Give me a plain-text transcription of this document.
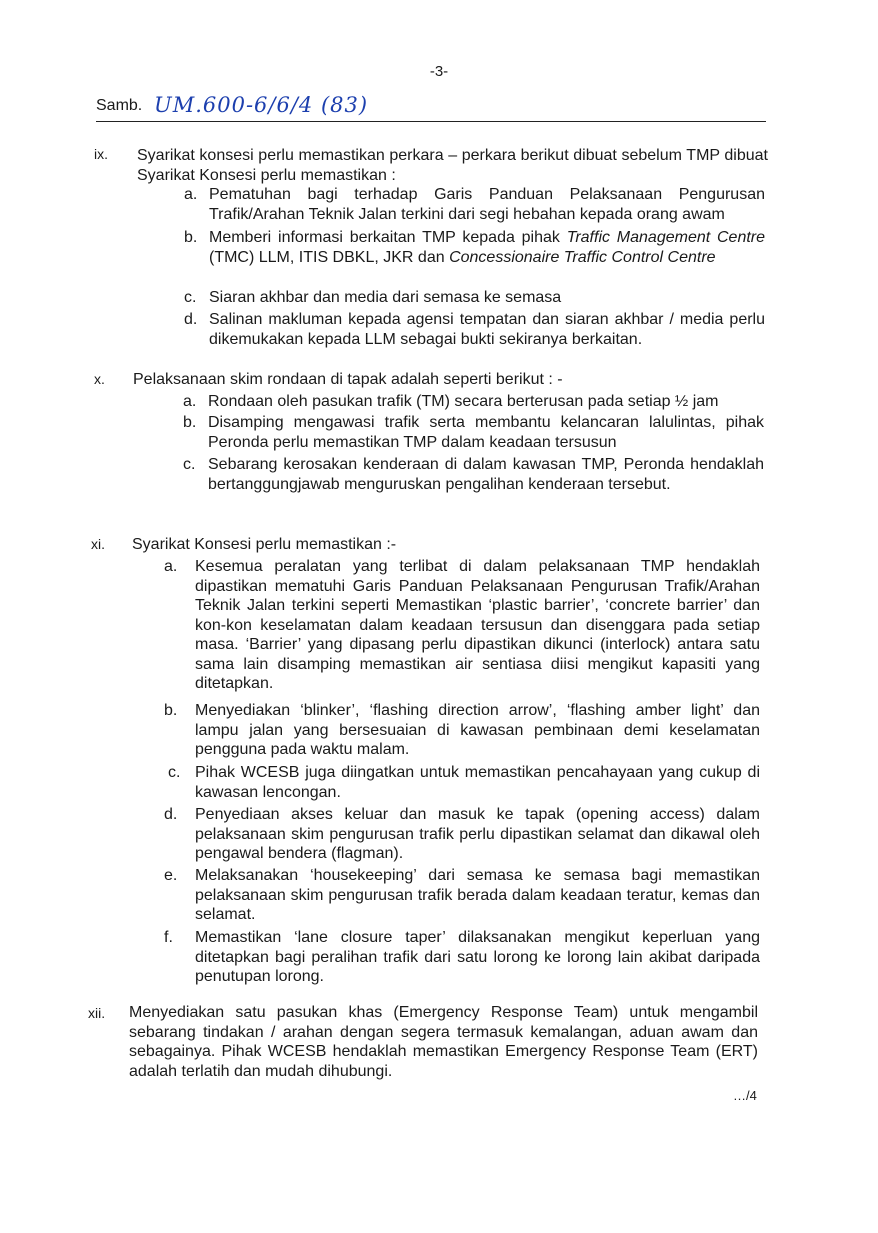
-3-
Samb. UM.600-6/6/4 (83)
ix. Syarikat konsesi perlu memastikan perkara – perkara berikut dibuat sebelum TMP dibuat Syarikat Konsesi perlu memastikan :

a. Pematuhan bagi terhadap Garis Panduan Pelaksanaan Pengurusan Trafik/Arahan Teknik Jalan terkini dari segi hebahan kepada orang awam

b. Memberi informasi berkaitan TMP kepada pihak Traffic Management Centre (TMC) LLM, ITIS DBKL, JKR dan Concessionaire Traffic Control Centre

c. Siaran akhbar dan media dari semasa ke semasa

d. Salinan makluman kepada agensi tempatan dan siaran akhbar / media perlu dikemukakan kepada LLM sebagai bukti sekiranya berkaitan.

x. Pelaksanaan skim rondaan di tapak adalah seperti berikut : -

a. Rondaan oleh pasukan trafik (TM) secara berterusan pada setiap ½ jam

b. Disamping mengawasi trafik serta membantu kelancaran lalulintas, pihak Peronda perlu memastikan TMP dalam keadaan tersusun

c. Sebarang kerosakan kenderaan di dalam kawasan TMP, Peronda hendaklah bertanggungjawab menguruskan pengalihan kenderaan tersebut.

xi. Syarikat Konsesi perlu memastikan :-

a. Kesemua peralatan yang terlibat di dalam pelaksanaan TMP hendaklah dipastikan mematuhi Garis Panduan Pelaksanaan Pengurusan Trafik/Arahan Teknik Jalan terkini seperti Memastikan ‘plastic barrier’, ‘concrete barrier’ dan kon-kon keselamatan dalam keadaan tersusun dan disenggara pada setiap masa. ‘Barrier’ yang dipasang perlu dipastikan dikunci (interlock) antara satu sama lain disamping memastikan air sentiasa diisi mengikut kapasiti yang ditetapkan.

b. Menyediakan ‘blinker’, ‘flashing direction arrow’, ‘flashing amber light’ dan lampu jalan yang bersesuaian di kawasan pembinaan demi keselamatan pengguna pada waktu malam.

c. Pihak WCESB juga diingatkan untuk memastikan pencahayaan yang cukup di kawasan lencongan.

d. Penyediaan akses keluar dan masuk ke tapak (opening access) dalam pelaksanaan skim pengurusan trafik perlu dipastikan selamat dan dikawal oleh pengawal bendera (flagman).

e. Melaksanakan ‘housekeeping’ dari semasa ke semasa bagi memastikan pelaksanaan skim pengurusan trafik berada dalam keadaan teratur, kemas dan selamat.

f. Memastikan ‘lane closure taper’ dilaksanakan mengikut keperluan yang ditetapkan bagi peralihan trafik dari satu lorong ke lorong lain akibat daripada penutupan lorong.

xii. Menyediakan satu pasukan khas (Emergency Response Team) untuk mengambil sebarang tindakan / arahan dengan segera termasuk kemalangan, aduan awam dan sebagainya. Pihak WCESB hendaklah memastikan Emergency Response Team (ERT) adalah terlatih dan mudah dihubungi.

…/4
